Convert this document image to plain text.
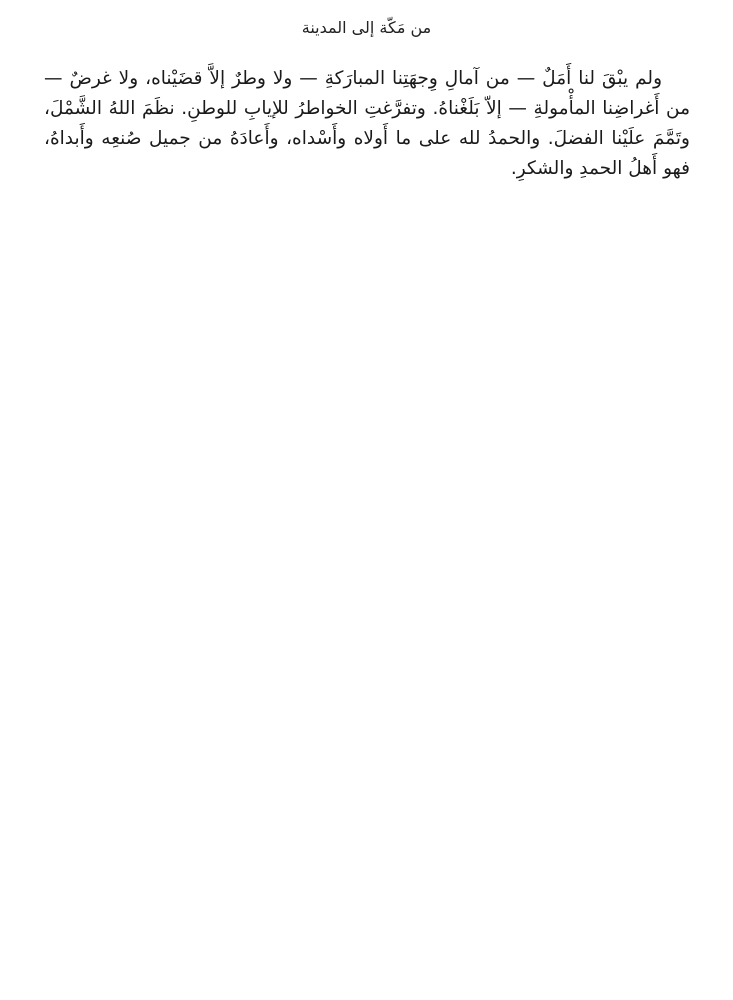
من مَكّة إلى المدينة

ولم يبْقَ لنا أَمَلٌ — من آمالِ وِجهَتِنا المبارَكةِ — ولا وطرٌ إلاَّ قضَيْناه، ولا غرضٌ — من أَغراضِنا المأْمولةِ — إلاّ بَلَغْناهُ. وتفرَّغتِ الخواطرُ للإيابِ للوطنِ. نظَمَ اللهُ الشَّمْلَ، وتَمَّمَ علَيْنا الفضلَ. والحمدُ لله على ما أَولاه وأَسْداه، وأَعادَهُ من جميل صُنعِه وأَبداهُ، فهو أَهلُ الحمدِ والشكرِ.
